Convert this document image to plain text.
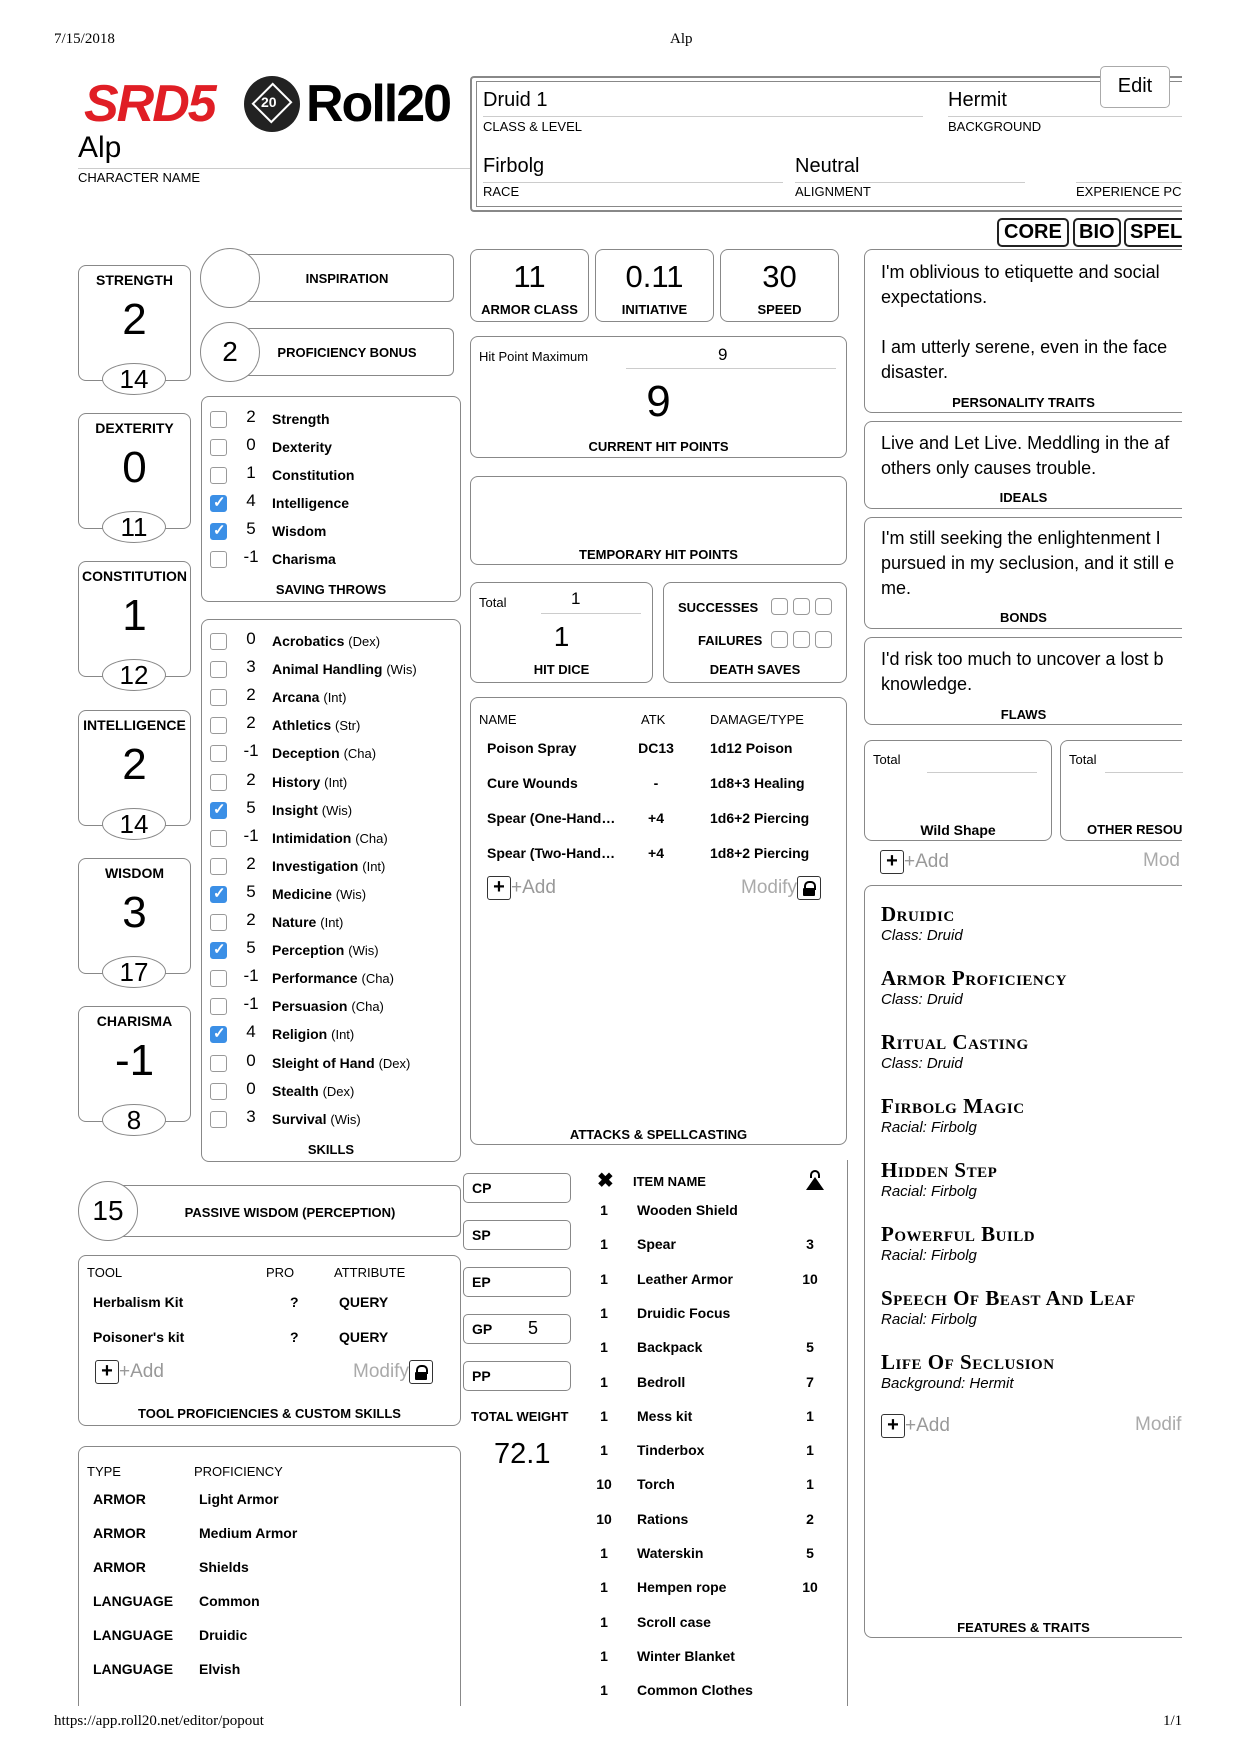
7/15/2018	Alp
https://app.roll20.net/editor/popout	1/1
SRD5	20 Roll20
Alp
CHARACTER NAME
Druid 1
CLASS & LEVEL
Hermit
BACKGROUND
Edit
Firbolg
RACE
Neutral
ALIGNMENT	EXPERIENCE PC
CORE BIO SPEL
STRENGTH
2
14
DEXTERITY
0
11
CONSTITUTION
1
12
INTELLIGENCE
2
14
WISDOM
3
17
CHARISMA
-1
8
INSPIRATION
2	PROFICIENCY BONUS
2	Strength
0	Dexterity
1	Constitution
✓
4	Intelligence
✓
5	Wisdom
-1 Charisma
SAVING THROWS
0	Acrobatics (Dex)
3	Animal Handling (Wis)
2	Arcana (Int)
2	Athletics (Str)
-1 Deception (Cha)
2	History (Int)
✓
5	Insight (Wis)
-1 Intimidation (Cha)
2	Investigation (Int)
✓
5	Medicine (Wis)
2	Nature (Int)
✓
5	Perception (Wis)
-1 Performance (Cha)
-1 Persuasion (Cha)
✓
4	Religion (Int)
0	Sleight of Hand (Dex)
0	Stealth (Dex)
3	Survival (Wis)
SKILLS
15	PASSIVE WISDOM (PERCEPTION)
TOOL	PRO	ATTRIBUTE
Herbalism Kit	?	QUERY
Poisoner's kit	?	QUERY
+ +Add	Modify
TOOL PROFICIENCIES & CUSTOM SKILLS
TYPE	PROFICIENCY
ARMOR	Light Armor
ARMOR	Medium Armor
ARMOR	Shields
LANGUAGE Common
LANGUAGE Druidic
LANGUAGE Elvish
11
ARMOR CLASS
0.11
INITIATIVE
30
SPEED
Hit Point Maximum	9
9
CURRENT HIT POINTS
TEMPORARY HIT POINTS
Total	1
1
HIT DICE
SUCCESSES
FAILURES
DEATH SAVES
NAME	ATK	DAMAGE/TYPE
Poison Spray	DC13	1d12 Poison
Cure Wounds	-	1d8+3 Healing
Spear (One-Hand…	+4	1d6+2 Piercing
Spear (Two-Hand…	+4	1d8+2 Piercing
+ +Add	Modify
ATTACKS & SPELLCASTING
CP
SP
EP
GP 5
PP
TOTAL WEIGHT
72.1
✖ ITEM NAME
1	Wooden Shield
1	Spear	3
1	Leather Armor	10
1	Druidic Focus
1	Backpack	5
1	Bedroll	7
1	Mess kit	1
1	Tinderbox	1
10	Torch	1
10	Rations	2
1	Waterskin	5
1	Hempen rope	10
1	Scroll case
1	Winter Blanket
1	Common Clothes
I'm oblivious to etiquette and social expectations.

I am utterly serene, even in the face disaster.
PERSONALITY TRAITS
Live and Let Live. Meddling in the af others only causes trouble.
IDEALS
I'm still seeking the enlightenment I pursued in my seclusion, and it still e me.
BONDS
I'd risk too much to uncover a lost b knowledge.
FLAWS
Total
Wild Shape
Total
OTHER RESOU
+ +Add	Mod
Druidic
Class: Druid
Armor Proficiency
Class: Druid
Ritual Casting
Class: Druid
Firbolg Magic
Racial: Firbolg
Hidden Step
Racial: Firbolg
Powerful Build
Racial: Firbolg
Speech Of Beast And Leaf
Racial: Firbolg
Life Of Seclusion
Background: Hermit
+ +Add	Modif
FEATURES & TRAITS
